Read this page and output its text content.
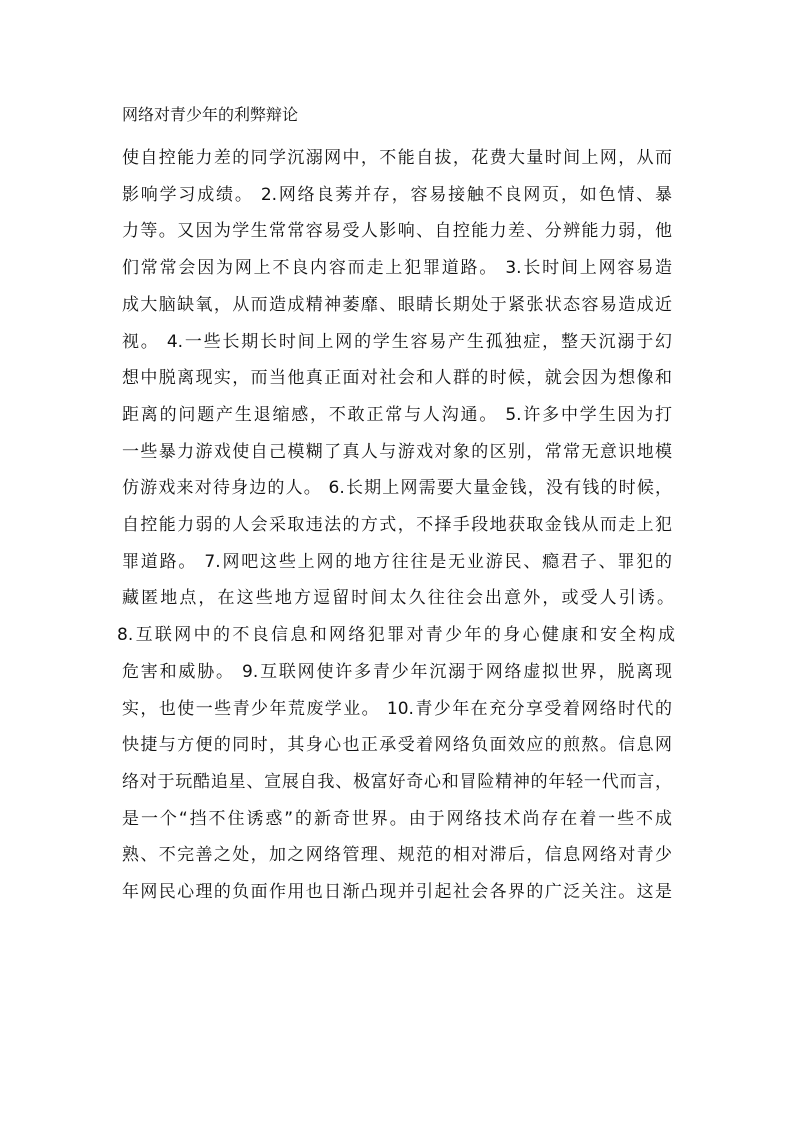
网络对青少年的利弊辩论
使自控能力差的同学沉溺网中，不能自拔，花费大量时间上网，从而
影响学习成绩。 2.网络良莠并存，容易接触不良网页，如色情、暴
力等。又因为学生常常容易受人影响、自控能力差、分辨能力弱，他
们常常会因为网上不良内容而走上犯罪道路。 3.长时间上网容易造
成大脑缺氧，从而造成精神萎靡、眼睛长期处于紧张状态容易造成近
视。 4.一些长期长时间上网的学生容易产生孤独症，整天沉溺于幻
想中脱离现实，而当他真正面对社会和人群的时候，就会因为想像和
距离的问题产生退缩感，不敢正常与人沟通。 5.许多中学生因为打
一些暴力游戏使自己模糊了真人与游戏对象的区别，常常无意识地模
仿游戏来对待身边的人。 6.长期上网需要大量金钱，没有钱的时候，
自控能力弱的人会采取违法的方式，不择手段地获取金钱从而走上犯
罪道路。 7.网吧这些上网的地方往往是无业游民、瘾君子、罪犯的
藏匿地点，在这些地方逗留时间太久往往会出意外，或受人引诱。
8.互联网中的不良信息和网络犯罪对青少年的身心健康和安全构成
危害和威胁。 9.互联网使许多青少年沉溺于网络虚拟世界，脱离现
实，也使一些青少年荒废学业。 10.青少年在充分享受着网络时代的
快捷与方便的同时，其身心也正承受着网络负面效应的煎熬。信息网
络对于玩酷追星、宣展自我、极富好奇心和冒险精神的年轻一代而言，
是一个“挡不住诱惑”的新奇世界。由于网络技术尚存在着一些不成
熟、不完善之处，加之网络管理、规范的相对滞后，信息网络对青少
年网民心理的负面作用也日渐凸现并引起社会各界的广泛关注。这是
